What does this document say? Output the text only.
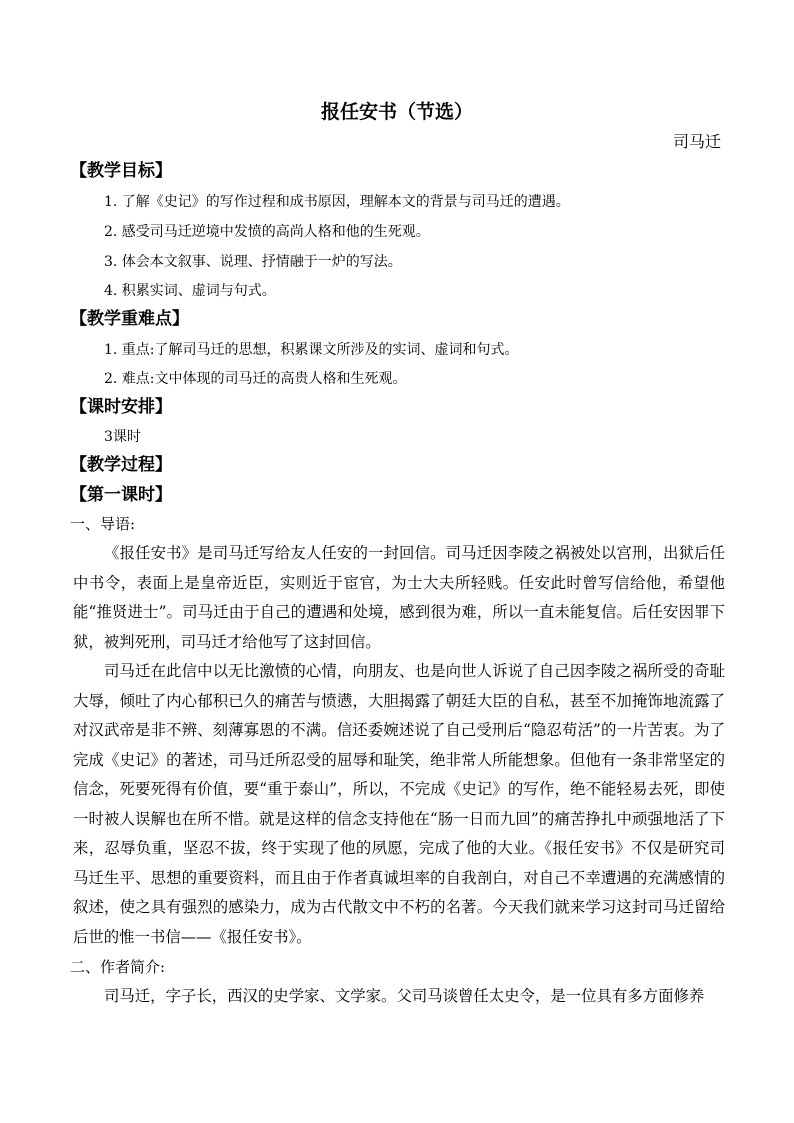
报任安书（节选）
司马迁
【教学目标】
1. 了解《史记》的写作过程和成书原因，理解本文的背景与司马迁的遭遇。
2. 感受司马迁逆境中发愤的高尚人格和他的生死观。
3. 体会本文叙事、说理、抒情融于一炉的写法。
4. 积累实词、虚词与句式。
【教学重难点】
1. 重点:了解司马迁的思想，积累课文所涉及的实词、虚词和句式。
2. 难点:文中体现的司马迁的高贵人格和生死观。
【课时安排】
3课时
【教学过程】
【第一课时】
一、导语:

《报任安书》是司马迁写给友人任安的一封回信。司马迁因李陵之祸被处以宫刑，出狱后任中书令，表面上是皇帝近臣，实则近于宦官，为士大夫所轻贱。任安此时曾写信给他，希望他能“推贤进士”。司马迁由于自己的遭遇和处境，感到很为难，所以一直未能复信。后任安因罪下狱，被判死刑，司马迁才给他写了这封回信。

司马迁在此信中以无比激愤的心情，向朋友、也是向世人诉说了自己因李陵之祸所受的奇耻大辱，倾吐了内心郁积已久的痛苦与愤懑，大胆揭露了朝廷大臣的自私，甚至不加掩饰地流露了对汉武帝是非不辨、刻薄寡恩的不满。信还委婉述说了自己受刑后“隐忍苟活”的一片苦衷。为了完成《史记》的著述，司马迁所忍受的屈辱和耻笑，绝非常人所能想象。但他有一条非常坚定的信念，死要死得有价值，要“重于泰山”，所以，不完成《史记》的写作，绝不能轻易去死，即使一时被人误解也在所不惜。就是这样的信念支持他在“肠一日而九回”的痛苦挣扎中顽强地活了下来，忍辱负重，坚忍不拔，终于实现了他的夙愿，完成了他的大业。《报任安书》不仅是研究司马迁生平、思想的重要资料，而且由于作者真诚坦率的自我剖白，对自己不幸遭遇的充满感情的叙述，使之具有强烈的感染力，成为古代散文中不朽的名著。今天我们就来学习这封司马迁留给后世的惟一书信——《报任安书》。

二、作者简介:

司马迁，字子长，西汉的史学家、文学家。父司马谈曾任太史令，是一位具有多方面修养
